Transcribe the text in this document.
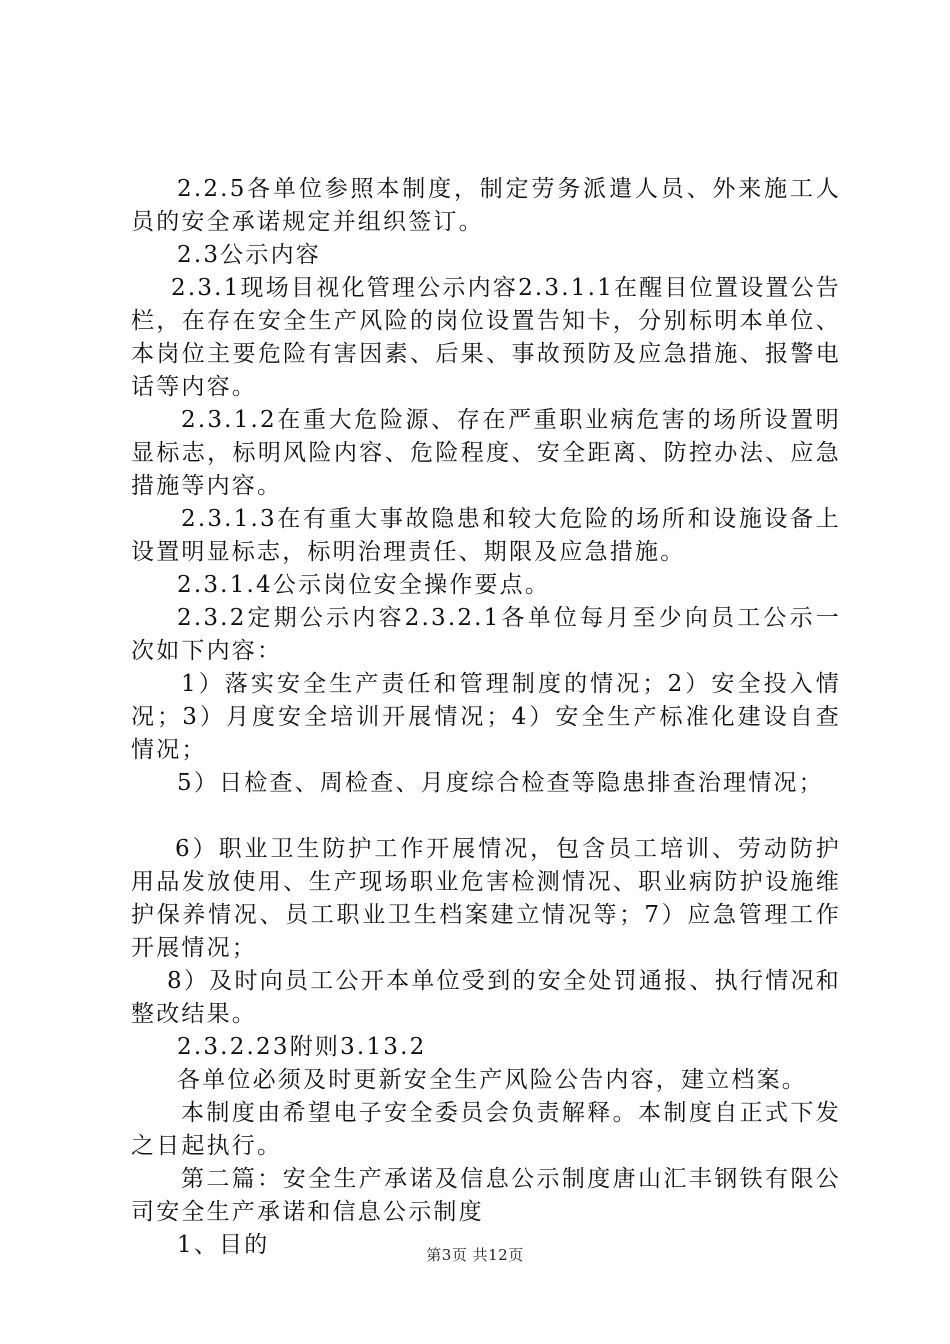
2.2.5各单位参照本制度，制定劳务派遣人员、外来施工人员的安全承诺规定并组织签订。

2.3公示内容

2.3.1现场目视化管理公示内容2.3.1.1在醒目位置设置公告栏，在存在安全生产风险的岗位设置告知卡，分别标明本单位、本岗位主要危险有害因素、后果、事故预防及应急措施、报警电话等内容。

2.3.1.2在重大危险源、存在严重职业病危害的场所设置明显标志，标明风险内容、危险程度、安全距离、防控办法、应急措施等内容。

2.3.1.3在有重大事故隐患和较大危险的场所和设施设备上设置明显标志，标明治理责任、期限及应急措施。

2.3.1.4公示岗位安全操作要点。

2.3.2定期公示内容2.3.2.1各单位每月至少向员工公示一次如下内容：

1）落实安全生产责任和管理制度的情况；2）安全投入情况；3）月度安全培训开展情况；4）安全生产标准化建设自查情况；

5）日检查、周检查、月度综合检查等隐患排查治理情况；

6）职业卫生防护工作开展情况，包含员工培训、劳动防护用品发放使用、生产现场职业危害检测情况、职业病防护设施维护保养情况、员工职业卫生档案建立情况等；7）应急管理工作开展情况；

8）及时向员工公开本单位受到的安全处罚通报、执行情况和整改结果。

2.3.2.23附则3.13.2

各单位必须及时更新安全生产风险公告内容，建立档案。

本制度由希望电子安全委员会负责解释。本制度自正式下发之日起执行。

第二篇：安全生产承诺及信息公示制度唐山汇丰钢铁有限公司安全生产承诺和信息公示制度

1、目的	第3页 共12页
